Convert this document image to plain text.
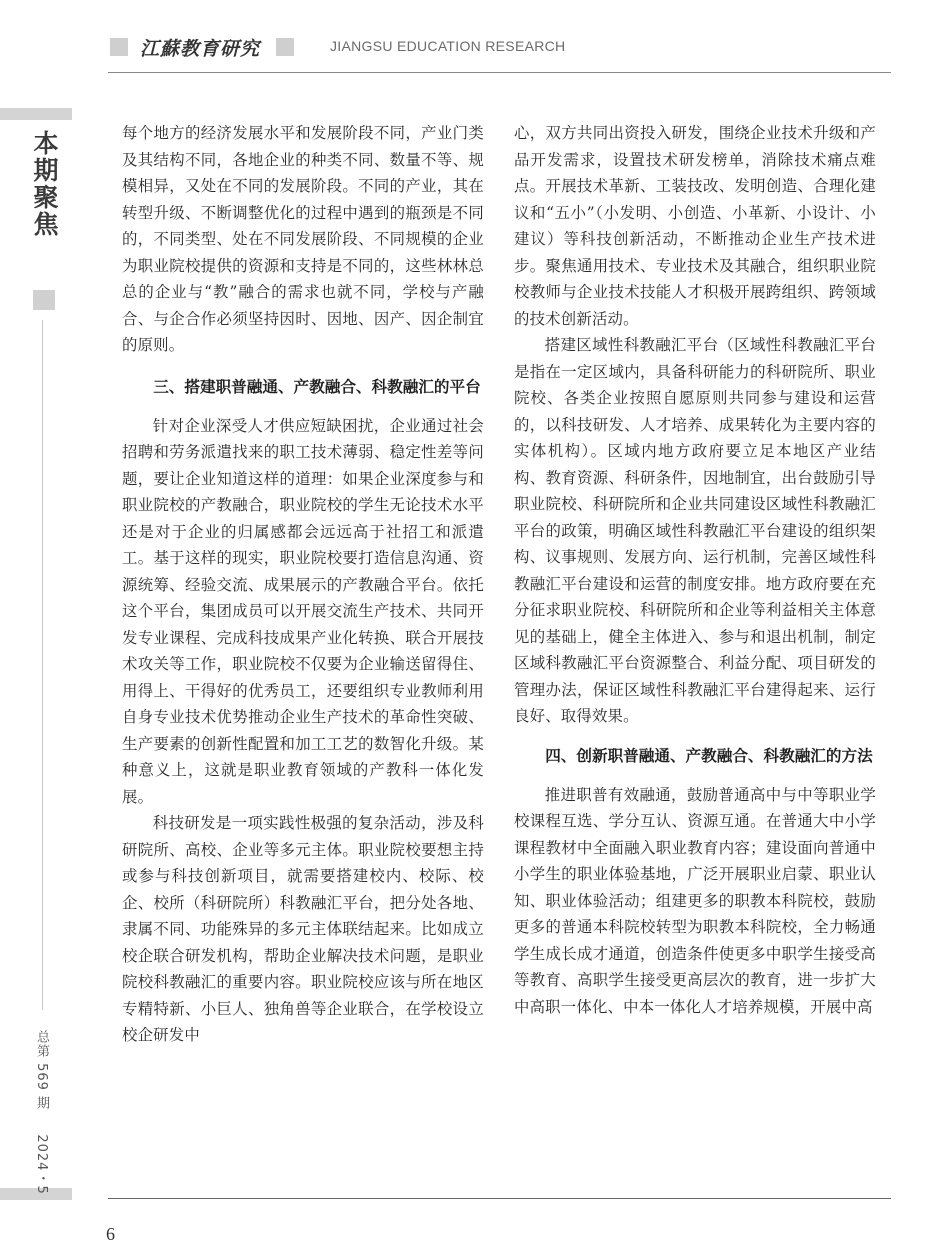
本期聚焦
总第 569 期   2024・5
江蘇教育研究	JIANGSU EDUCATION RESEARCH

每个地方的经济发展水平和发展阶段不同，产业门类及其结构不同，各地企业的种类不同、数量不等、规模相异，又处在不同的发展阶段。不同的产业，其在转型升级、不断调整优化的过程中遇到的瓶颈是不同的，不同类型、处在不同发展阶段、不同规模的企业为职业院校提供的资源和支持是不同的，这些林林总总的企业与“教”融合的需求也就不同，学校与产融合、与企合作必须坚持因时、因地、因产、因企制宜的原则。

三、搭建职普融通、产教融合、科教融汇的平台

针对企业深受人才供应短缺困扰，企业通过社会招聘和劳务派遣找来的职工技术薄弱、稳定性差等问题，要让企业知道这样的道理：如果企业深度参与和职业院校的产教融合，职业院校的学生无论技术水平还是对于企业的归属感都会远远高于社招工和派遣工。基于这样的现实，职业院校要打造信息沟通、资源统筹、经验交流、成果展示的产教融合平台。依托这个平台，集团成员可以开展交流生产技术、共同开发专业课程、完成科技成果产业化转换、联合开展技术攻关等工作，职业院校不仅要为企业输送留得住、用得上、干得好的优秀员工，还要组织专业教师利用自身专业技术优势推动企业生产技术的革命性突破、生产要素的创新性配置和加工工艺的数智化升级。某种意义上，这就是职业教育领域的产教科一体化发展。

科技研发是一项实践性极强的复杂活动，涉及科研院所、高校、企业等多元主体。职业院校要想主持或参与科技创新项目，就需要搭建校内、校际、校企、校所（科研院所）科教融汇平台，把分处各地、隶属不同、功能殊异的多元主体联结起来。比如成立校企联合研发机构，帮助企业解决技术问题，是职业院校科教融汇的重要内容。职业院校应该与所在地区专精特新、小巨人、独角兽等企业联合，在学校设立校企研发中

心，双方共同出资投入研发，围绕企业技术升级和产品开发需求，设置技术研发榜单，消除技术痛点难点。开展技术革新、工装技改、发明创造、合理化建议和“五小”（小发明、小创造、小革新、小设计、小建议）等科技创新活动，不断推动企业生产技术进步。聚焦通用技术、专业技术及其融合，组织职业院校教师与企业技术技能人才积极开展跨组织、跨领域的技术创新活动。

搭建区域性科教融汇平台（区域性科教融汇平台是指在一定区域内，具备科研能力的科研院所、职业院校、各类企业按照自愿原则共同参与建设和运营的，以科技研发、人才培养、成果转化为主要内容的实体机构）。区域内地方政府要立足本地区产业结构、教育资源、科研条件，因地制宜，出台鼓励引导职业院校、科研院所和企业共同建设区域性科教融汇平台的政策，明确区域性科教融汇平台建设的组织架构、议事规则、发展方向、运行机制，完善区域性科教融汇平台建设和运营的制度安排。地方政府要在充分征求职业院校、科研院所和企业等利益相关主体意见的基础上，健全主体进入、参与和退出机制，制定区域科教融汇平台资源整合、利益分配、项目研发的管理办法，保证区域性科教融汇平台建得起来、运行良好、取得效果。

四、创新职普融通、产教融合、科教融汇的方法

推进职普有效融通，鼓励普通高中与中等职业学校课程互选、学分互认、资源互通。在普通大中小学课程教材中全面融入职业教育内容；建设面向普通中小学生的职业体验基地，广泛开展职业启蒙、职业认知、职业体验活动；组建更多的职教本科院校，鼓励更多的普通本科院校转型为职教本科院校，全力畅通学生成长成才通道，创造条件使更多中职学生接受高等教育、高职学生接受更高层次的教育，进一步扩大中高职一体化、中本一体化人才培养规模，开展中高

6
